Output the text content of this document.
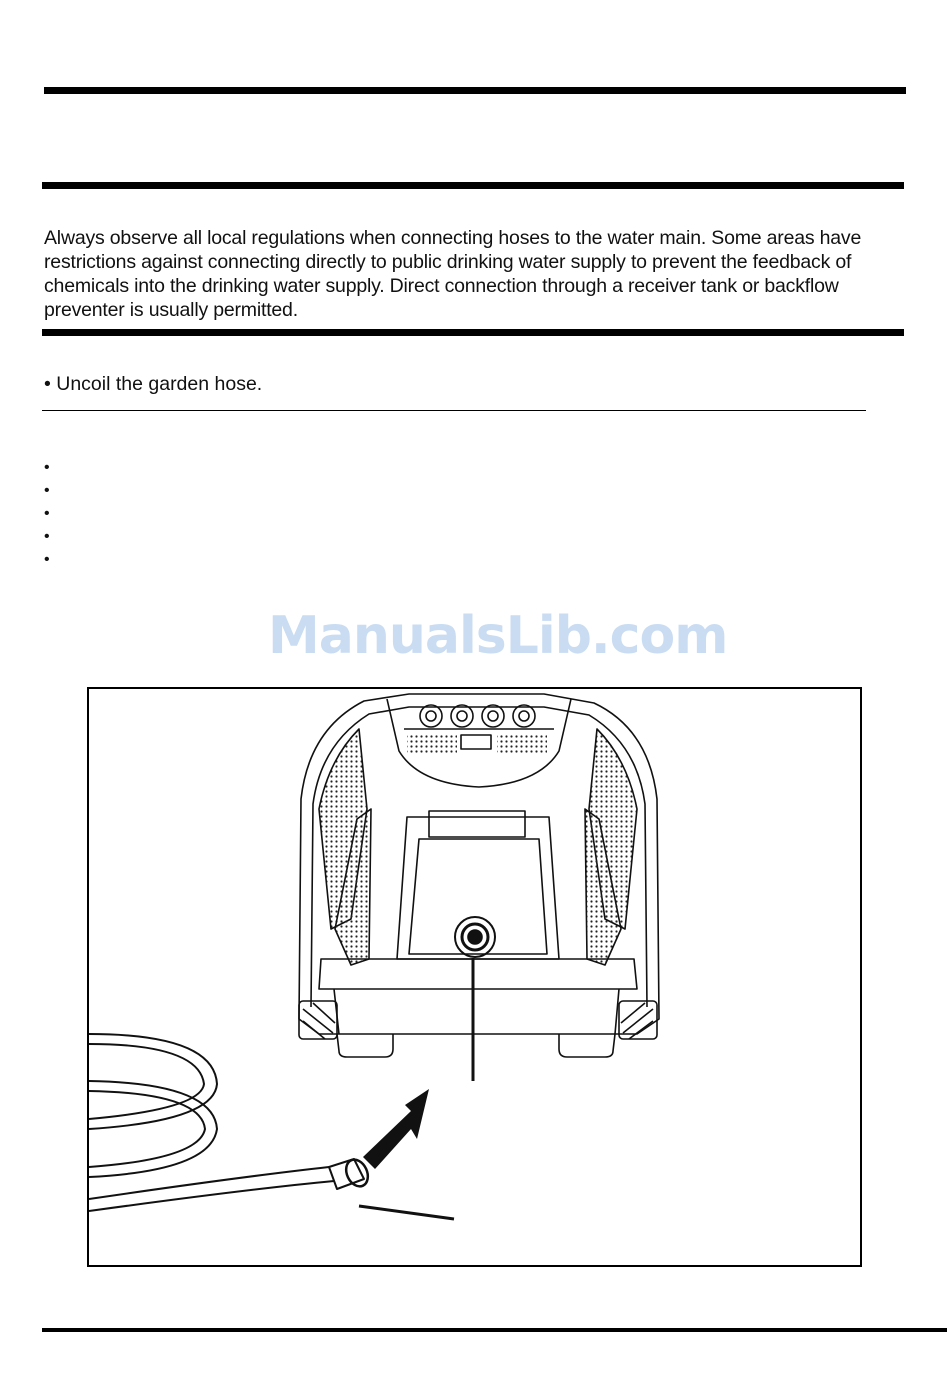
Always observe all local regulations when connecting hoses to the water main. Some areas have restrictions against connecting directly to public drinking water supply to prevent the feedback of chemicals into the drinking water supply. Direct connection through a receiver tank or backflow preventer is usually permitted.
• Uncoil the garden hose.
•
•
•
•
•
ManualsLib.com
